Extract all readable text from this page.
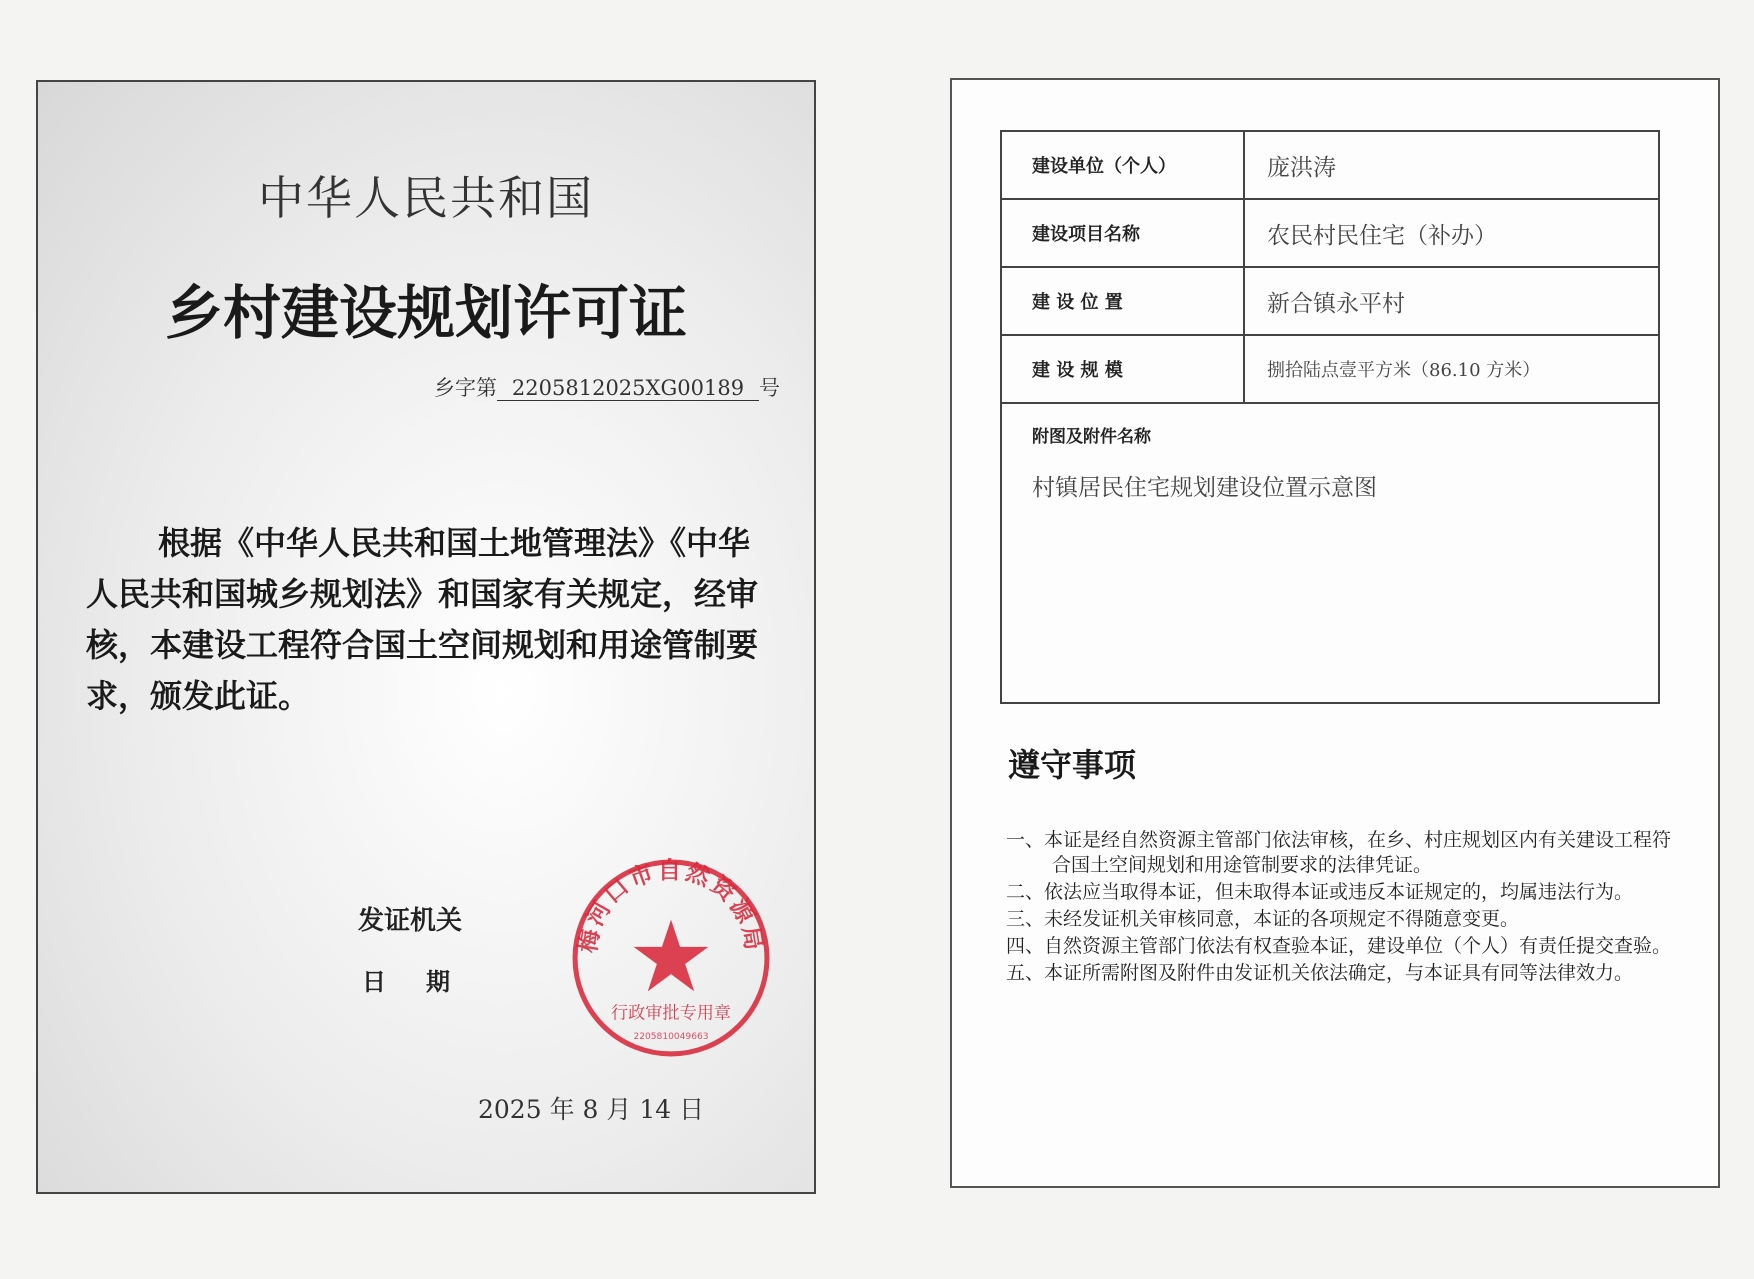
中华人民共和国
乡村建设规划许可证
乡字第 2205812025XG00189 号
根据《中华人民共和国土地管理法》《中华人民共和国城乡规划法》和国家有关规定，经审核，本建设工程符合国土空间规划和用途管制要求，颁发此证。
发证机关
日期
2025 年 8 月 14 日
梅河口市自然资源局
行政审批专用章
2205810049663
建设单位（个人）	庞洪涛
建设项目名称	农民村民住宅（补办）
建 设 位 置	新合镇永平村
建 设 规 模	捌拾陆点壹平方米（86.10 方米）

附图及附件名称
村镇居民住宅规划建设位置示意图	
遵守事项
一、本证是经自然资源主管部门依法审核，在乡、村庄规划区内有关建设工程符合国土空间规划和用途管制要求的法律凭证。
二、依法应当取得本证，但未取得本证或违反本证规定的，均属违法行为。
三、未经发证机关审核同意，本证的各项规定不得随意变更。
四、自然资源主管部门依法有权查验本证，建设单位（个人）有责任提交查验。
五、本证所需附图及附件由发证机关依法确定，与本证具有同等法律效力。
